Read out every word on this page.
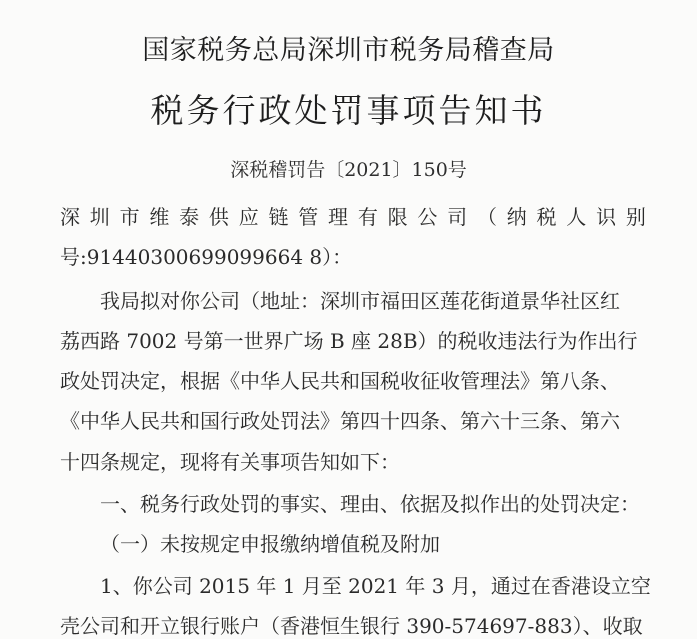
国家税务总局深圳市税务局稽查局
税务行政处罚事项告知书
深税稽罚告〔2021〕150号
深 圳 市 维 泰 供 应 链 管 理 有 限 公 司 （ 纳 税 人 识 别
号:91440300699099664 8）：
我局拟对你公司（地址：深圳市福田区莲花街道景华社区红
荔西路 7002 号第一世界广场 B 座 28B）的税收违法行为作出行
政处罚决定，根据《中华人民共和国税收征收管理法》第八条、
《中华人民共和国行政处罚法》第四十四条、第六十三条、第六
十四条规定，现将有关事项告知如下：
一、税务行政处罚的事实、理由、依据及拟作出的处罚决定：
（一）未按规定申报缴纳增值税及附加
1、你公司 2015 年 1 月至 2021 年 3 月，通过在香港设立空
壳公司和开立银行账户（香港恒生银行 390-574697-883）、收取
